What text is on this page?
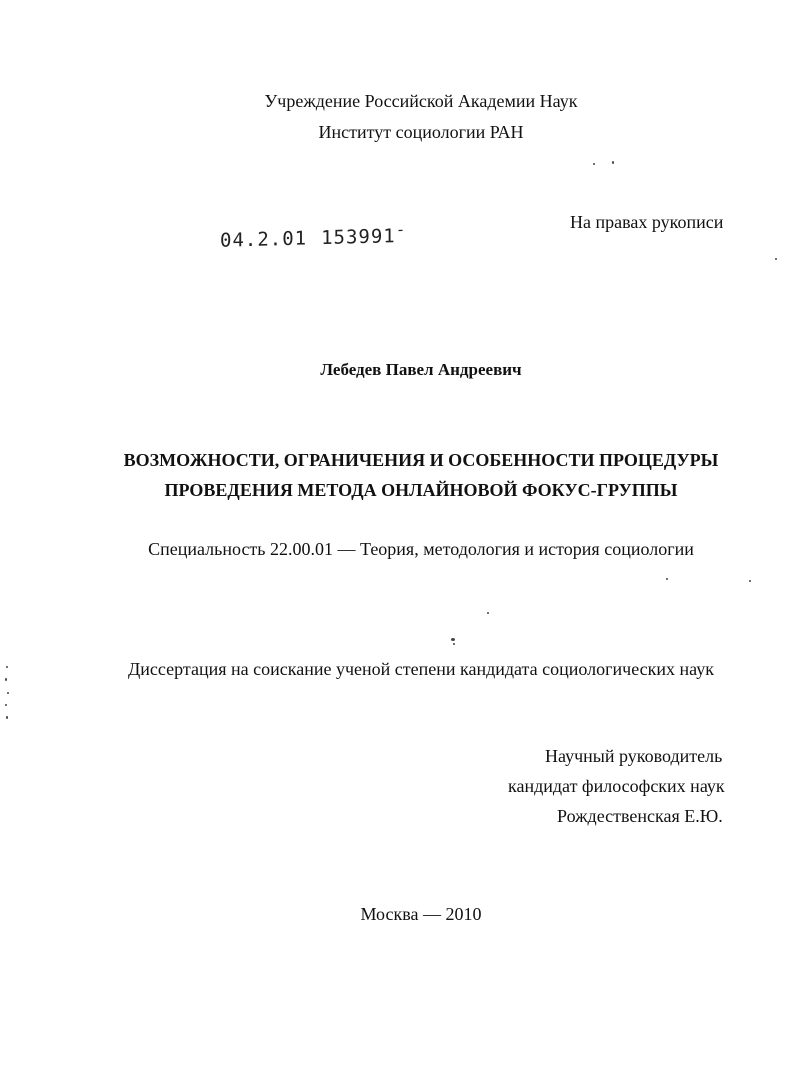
Учреждение Российской Академии Наук
Институт социологии РАН
На правах рукописи
04.2.01 153991-
Лебедев Павел Андреевич
ВОЗМОЖНОСТИ, ОГРАНИЧЕНИЯ И ОСОБЕННОСТИ ПРОЦЕДУРЫ
ПРОВЕДЕНИЯ МЕТОДА ОНЛАЙНОВОЙ ФОКУС-ГРУППЫ
Специальность 22.00.01 — Теория, методология и история социологии
Диссертация на соискание ученой степени кандидата социологических наук
Научный руководитель
кандидат философских наук
Рождественская Е.Ю.
Москва — 2010
